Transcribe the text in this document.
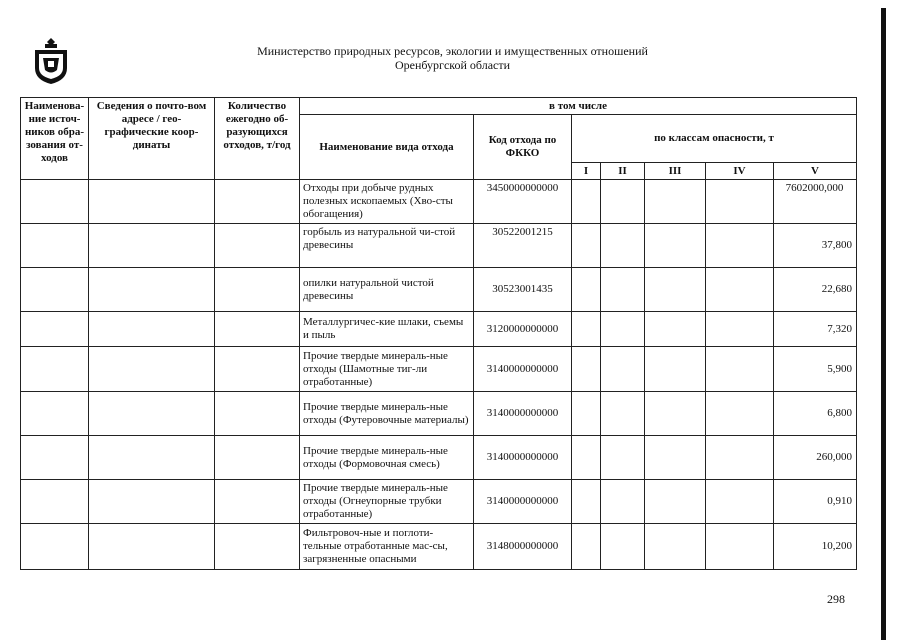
Министерство природных ресурсов, экологии и имущественных отношений
Оренбургской области
Наименова-ние источ-ников обра-зования от-ходов	Сведения о почто-вом адресе / гео-графические коор-динаты	Количество ежегодно об-разующихся отходов, т/год	в том числе						
			Наименование вида отхода	Код отхода по ФККО	по классам опасности, т				
					I	II	III	IV	V
			Отходы при добыче рудных полезных ископаемых (Хво-сты обогащения)	3450000000000					7602000,000
			горбыль из натуральной чи-стой древесины	30522001215					37,800
			опилки натуральной чистой древесины	30523001435					22,680
			Металлургичес-кие шлаки, съемы и пыль	3120000000000					7,320
			Прочие твердые минераль-ные отходы (Шамотные тиг-ли отработанные)	3140000000000					5,900
			Прочие твердые минераль-ные отходы (Футеровочные материалы)	3140000000000					6,800
			Прочие твердые минераль-ные отходы (Формовочная смесь)	3140000000000					260,000
			Прочие твердые минераль-ные отходы (Огнеупорные трубки отработанные)	3140000000000					0,910
			Фильтровоч-ные и поглоти-тельные отработанные мас-сы, загрязненные опасными	3148000000000					10,200
298
